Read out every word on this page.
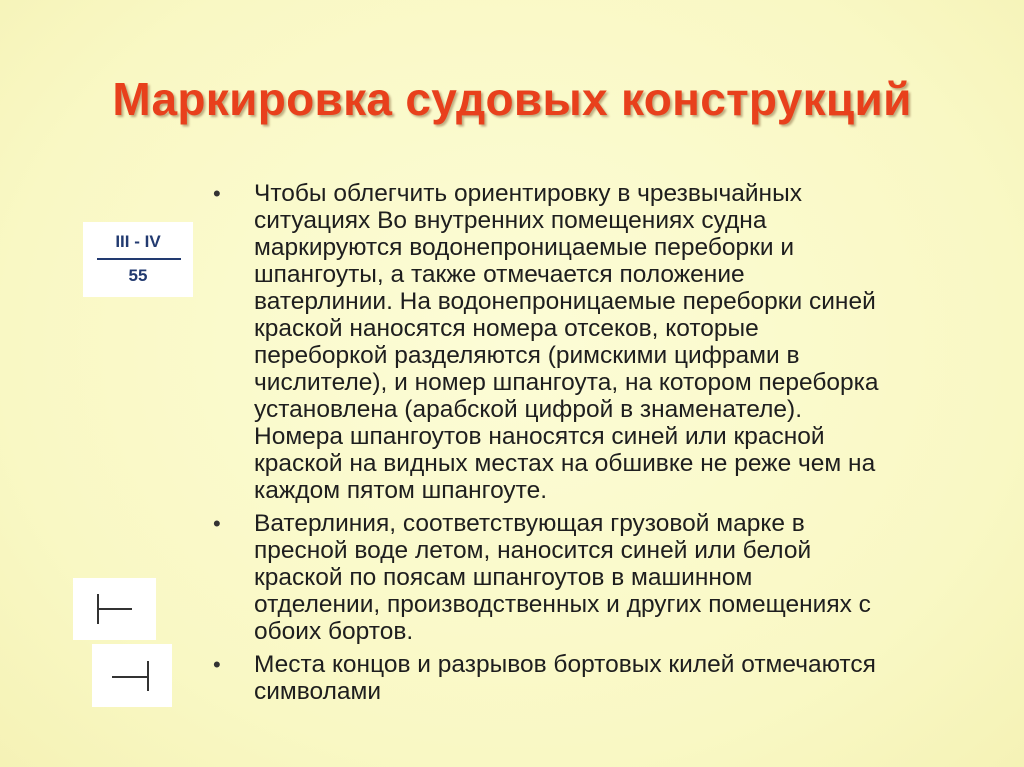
Маркировка судовых конструкций
III - IV
55
• Чтобы облегчить ориентировку в чрезвычайных
ситуациях Во внутренних помещениях судна
маркируются водонепроницаемые переборки и
шпангоуты, а также отмечается положение
ватерлинии. На водонепроницаемые переборки синей
краской наносятся номера отсеков, которые
переборкой разделяются (римскими цифрами в
числителе), и номер шпангоута, на котором переборка
установлена (арабской цифрой в знаменателе).
Номера шпангоутов наносятся синей или красной
краской на видных местах на обшивке не реже чем на
каждом пятом шпангоуте.
• Ватерлиния, соответствующая грузовой марке в
пресной воде летом, наносится синей или белой
краской по поясам шпангоутов в машинном
отделении, производственных и других помещениях с
обоих бортов.
• Места концов и разрывов бортовых килей отмечаются
символами
